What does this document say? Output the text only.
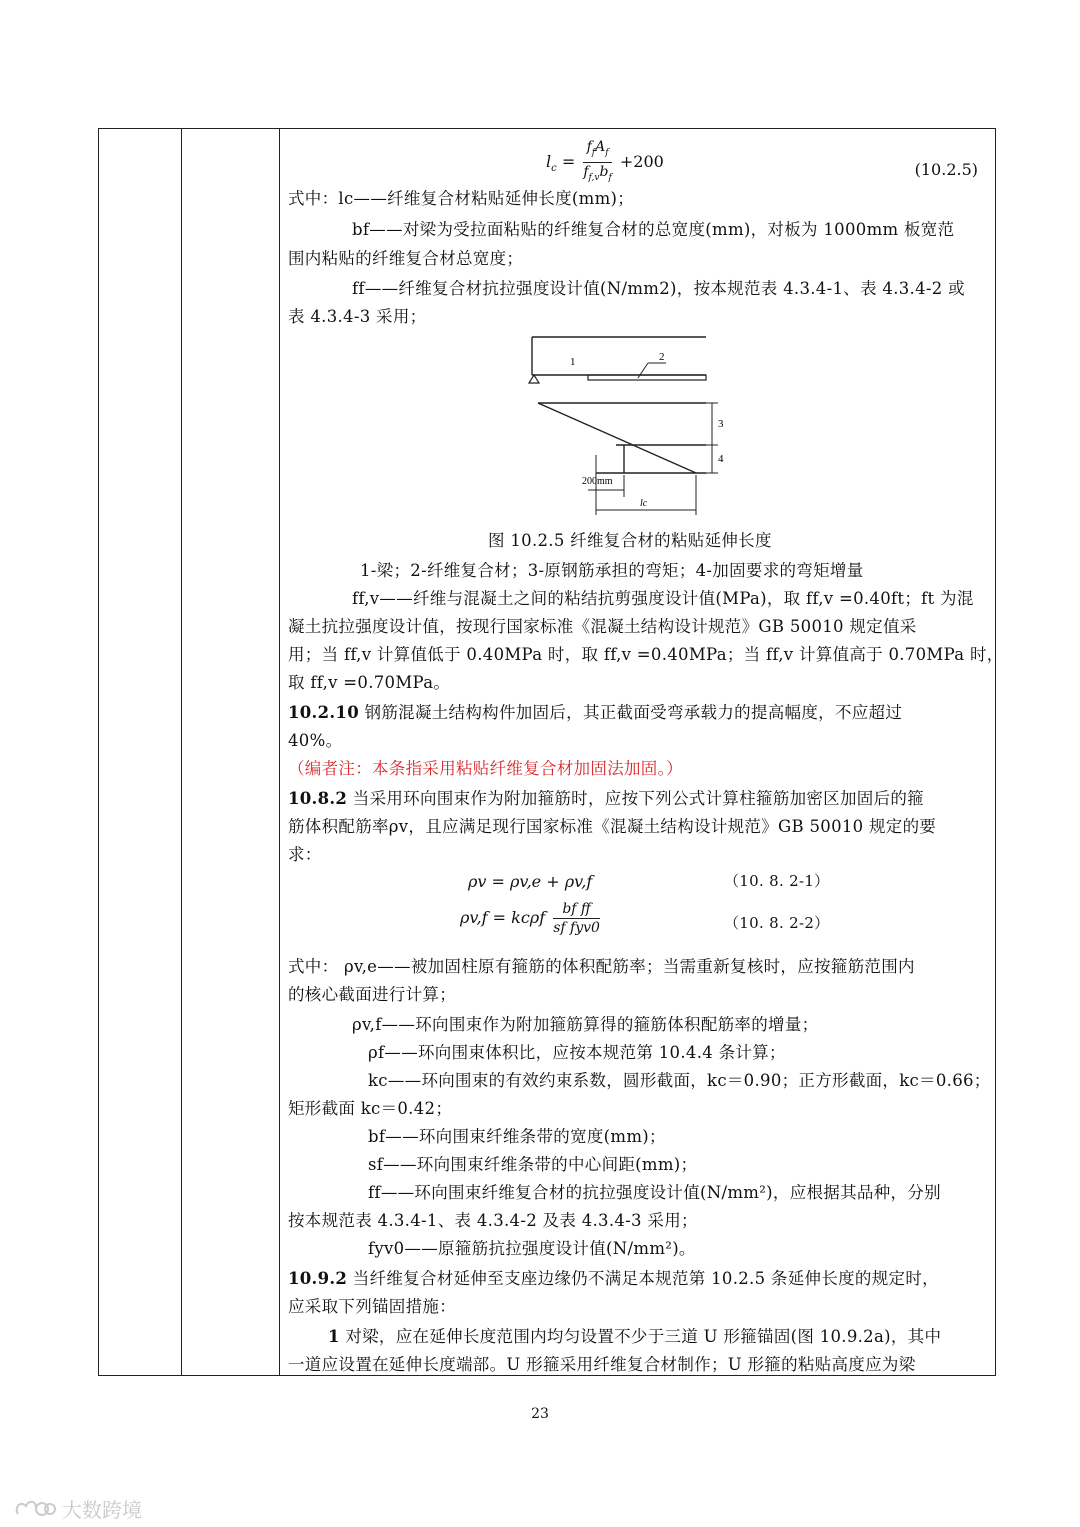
$l_c = \frac{f_fA_f}{f_{f,v}b_f} +200$	(10.2.5)
式中：lc——纤维复合材粘贴延伸长度(mm)；
bf——对梁为受拉面粘贴的纤维复合材的总宽度(mm)，对板为 1000mm 板宽范
围内粘贴的纤维复合材总宽度；
ff——纤维复合材抗拉强度设计值(N/mm2)，按本规范表 4.3.4-1、表 4.3.4-2 或
表 4.3.4-3 采用；
1	2
3
4
200mm
lc
图 10.2.5 纤维复合材的粘贴延伸长度
1-梁；2-纤维复合材；3-原钢筋承担的弯矩；4-加固要求的弯矩增量
ff,v——纤维与混凝土之间的粘结抗剪强度设计值(MPa)，取 ff,v =0.40ft；ft 为混
凝土抗拉强度设计值，按现行国家标准《混凝土结构设计规范》GB 50010 规定值采
用；当 ff,v 计算值低于 0.40MPa 时，取 ff,v =0.40MPa；当 ff,v 计算值高于 0.70MPa 时，
取 ff,v =0.70MPa。
10.2.10 钢筋混凝土结构构件加固后，其正截面受弯承载力的提高幅度，不应超过
40%。
（编者注：本条指采用粘贴纤维复合材加固法加固。）
10.8.2 当采用环向围束作为附加箍筋时，应按下列公式计算柱箍筋加密区加固后的箍
筋体积配筋率ρv，且应满足现行国家标准《混凝土结构设计规范》GB 50010 规定的要
求：
ρv = ρv,e + ρv,f	（10. 8. 2-1）
ρv,f = kcρf $\frac{\text{bf ff}}{\text{sf fyv0}}$	（10. 8. 2-2）
式中： ρv,e——被加固柱原有箍筋的体积配筋率；当需重新复核时，应按箍筋范围内
的核心截面进行计算；
ρv,f——环向围束作为附加箍筋算得的箍筋体积配筋率的增量；
ρf——环向围束体积比，应按本规范第 10.4.4 条计算；
kc——环向围束的有效约束系数，圆形截面，kc＝0.90；正方形截面，kc＝0.66；
矩形截面 kc＝0.42；
bf——环向围束纤维条带的宽度(mm)；
sf——环向围束纤维条带的中心间距(mm)；
ff——环向围束纤维复合材的抗拉强度设计值(N/mm²)，应根据其品种，分别
按本规范表 4.3.4-1、表 4.3.4-2 及表 4.3.4-3 采用；
fyv0——原箍筋抗拉强度设计值(N/mm²)。
10.9.2 当纤维复合材延伸至支座边缘仍不满足本规范第 10.2.5 条延伸长度的规定时，
应采取下列锚固措施：
1 对梁，应在延伸长度范围内均匀设置不少于三道 U 形箍锚固(图 10.9.2a)，其中
一道应设置在延伸长度端部。U 形箍采用纤维复合材制作；U 形箍的粘贴高度应为梁
23
大数跨境
